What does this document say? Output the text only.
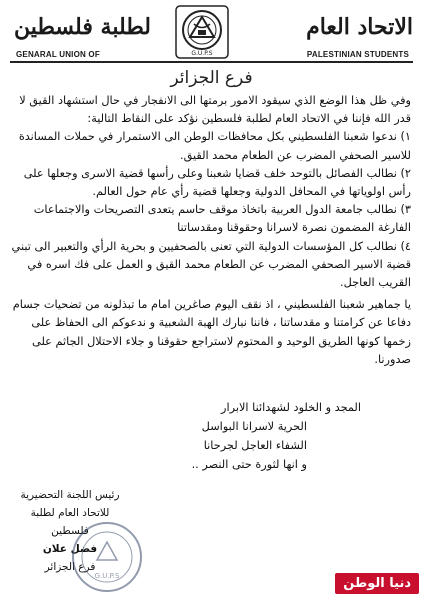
الاتحاد العام
لطلبة فلسطين
G.U.P.S
GENARAL UNION OF	PALESTINIAN STUDENTS
فرع الجزائر

وفي ظل هذا الوضع الذي سيقود الامور برمتها الى الانفجار في حال استشهاد القيق لا قدر الله فإننا في الاتحاد العام لطلبة فلسطين نؤكد على النقاط التالية:

١) ندعوا شعبنا الفلسطيني بكل محافظات الوطن الى الاستمرار في حملات المساندة للاسير الصحفي المضرب عن الطعام محمد القيق.

٢) نطالب الفصائل بالتوحد خلف قضايا شعبنا وعلى رأسها قضية الاسرى وجعلها على رأس اولوياتها في المحافل الدولية وجعلها قضية رأي عام حول العالم.

٣) نطالب جامعة الدول العربية باتخاذ موقف حاسم يتعدى التصريحات والاجتماعات الفارغة المضمون نصرة لاسرانا وحقوقنا ومقدساتنا

٤) نطالب كل المؤسسات الدولية التي تعنى بالصحفيين و بحرية الرأي والتعبير الى تبني قضية الاسير الصحفي المضرب عن الطعام محمد القيق و العمل على فك اسره في القريب العاجل.

يا جماهير شعبنا الفلسطيني ، اذ نقف اليوم صاغرين امام ما تبذلونه من تضحيات جسام دفاعا عن كرامتنا و مقدساتنا ، فاننا نبارك الهبة الشعبية و ندعوكم الى الحفاظ على زخمها كونها الطريق الوحيد و المحتوم لاستراجع حقوقنا و جلاء الاحتلال الجاثم على صدورنا.

المجد و الخلود لشهدائنا الابرار
الحرية لاسرانا البواسل
الشفاء العاجل لجرحانا
و انها لثورة حتى النصر ..
رئيس اللجنة التحضيرية
للاتحاد العام لطلبة فلسطين
فضل علان
فرع الجزائر
G.U.P.S	دنيا الوطن
